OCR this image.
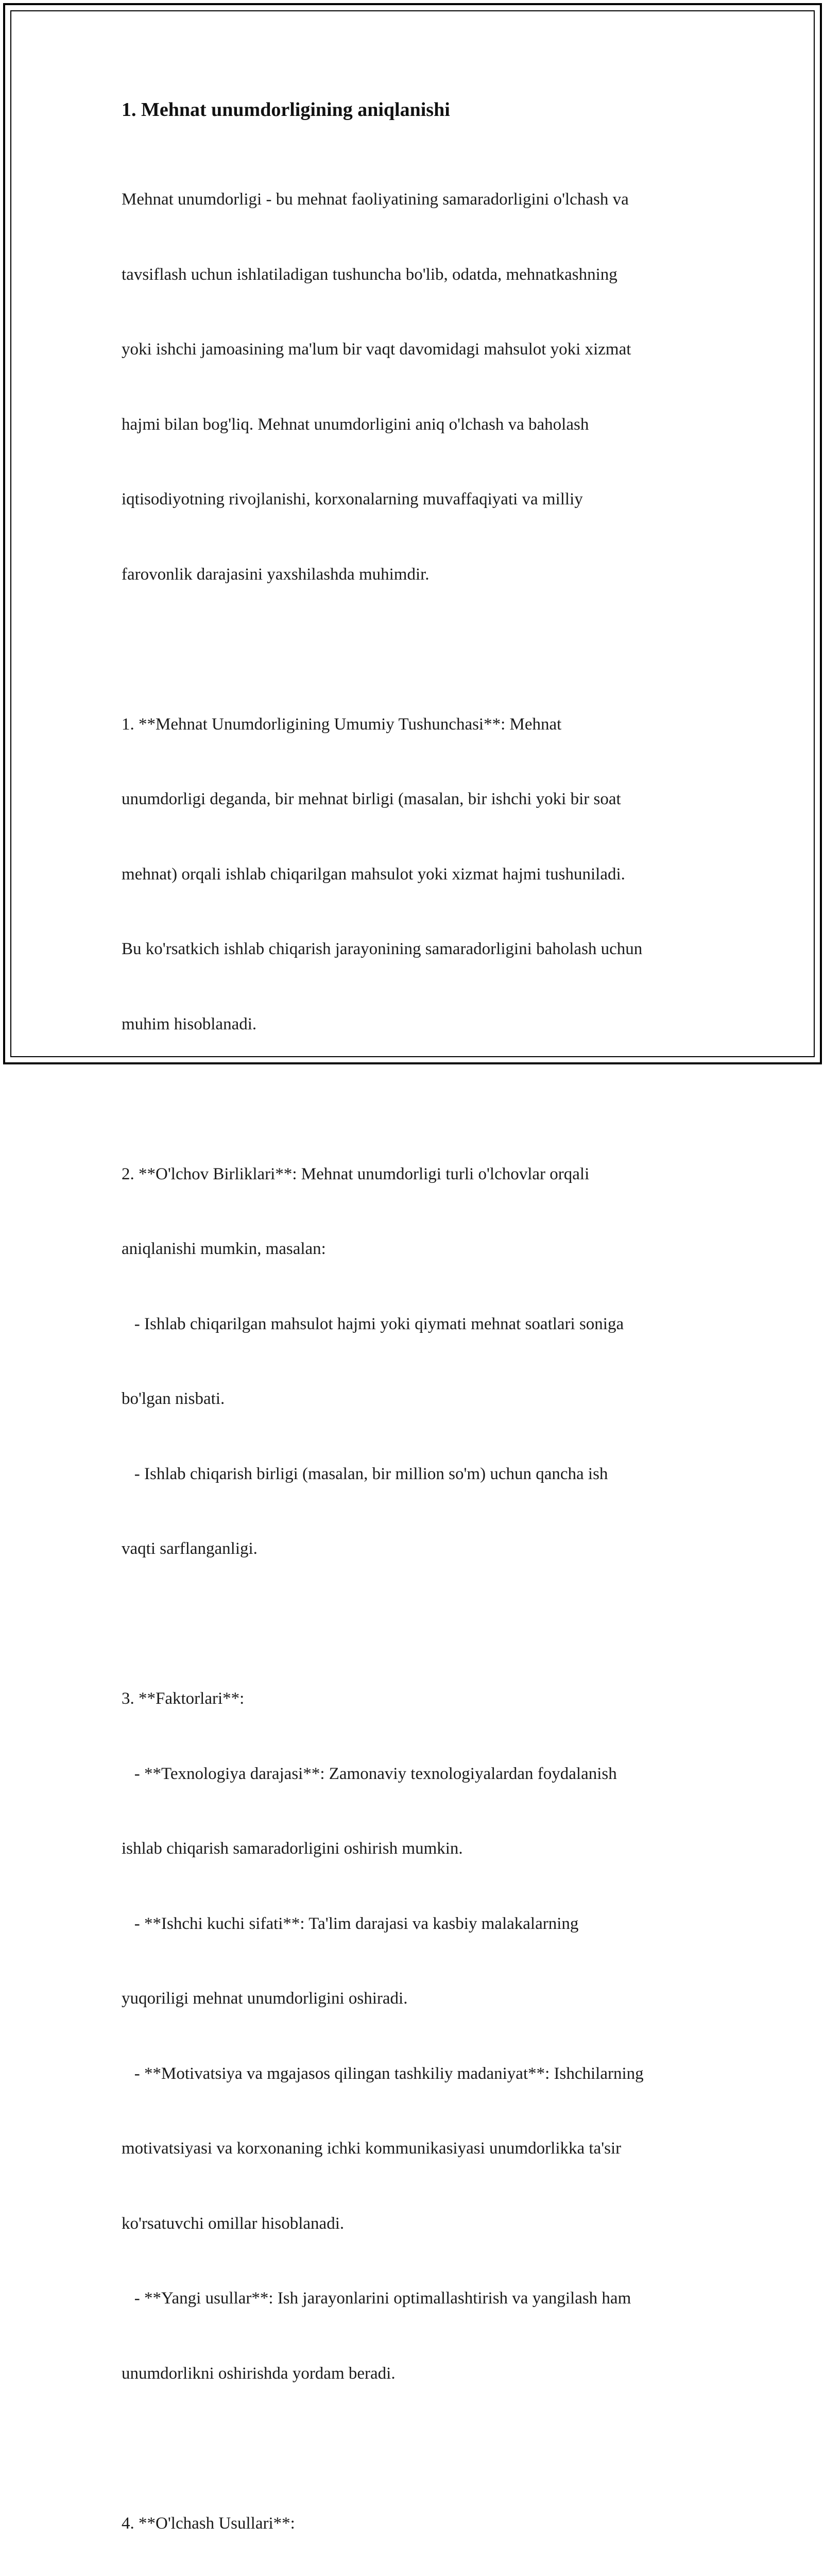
1. Mehnat unumdorligining aniqlanishi

Mehnat unumdorligi - bu mehnat faoliyatining samaradorligini o'lchash va

tavsiflash uchun ishlatiladigan tushuncha bo'lib, odatda, mehnatkashning

yoki ishchi jamoasining ma'lum bir vaqt davomidagi mahsulot yoki xizmat

hajmi bilan bog'liq. Mehnat unumdorligini aniq o'lchash va baholash

iqtisodiyotning rivojlanishi, korxonalarning muvaffaqiyati va milliy

farovonlik darajasini yaxshilashda muhimdir.

1. **Mehnat Unumdorligining Umumiy Tushunchasi**: Mehnat

unumdorligi deganda, bir mehnat birligi (masalan, bir ishchi yoki bir soat

mehnat) orqali ishlab chiqarilgan mahsulot yoki xizmat hajmi tushuniladi.

Bu ko'rsatkich ishlab chiqarish jarayonining samaradorligini baholash uchun

muhim hisoblanadi.

2. **O'lchov Birliklari**: Mehnat unumdorligi turli o'lchovlar orqali

aniqlanishi mumkin, masalan:

- Ishlab chiqarilgan mahsulot hajmi yoki qiymati mehnat soatlari soniga

bo'lgan nisbati.

- Ishlab chiqarish birligi (masalan, bir million so'm) uchun qancha ish

vaqti sarflanganligi.

3. **Faktorlari**:

- **Texnologiya darajasi**: Zamonaviy texnologiyalardan foydalanish

ishlab chiqarish samaradorligini oshirish mumkin.

- **Ishchi kuchi sifati**: Ta'lim darajasi va kasbiy malakalarning

yuqoriligi mehnat unumdorligini oshiradi.

- **Motivatsiya va mgajasos qilingan tashkiliy madaniyat**: Ishchilarning

motivatsiyasi va korxonaning ichki kommunikasiyasi unumdorlikka ta'sir

ko'rsatuvchi omillar hisoblanadi.

- **Yangi usullar**: Ish jarayonlarini optimallashtirish va yangilash ham

unumdorlikni oshirishda yordam beradi.

4. **O'lchash Usullari**:
